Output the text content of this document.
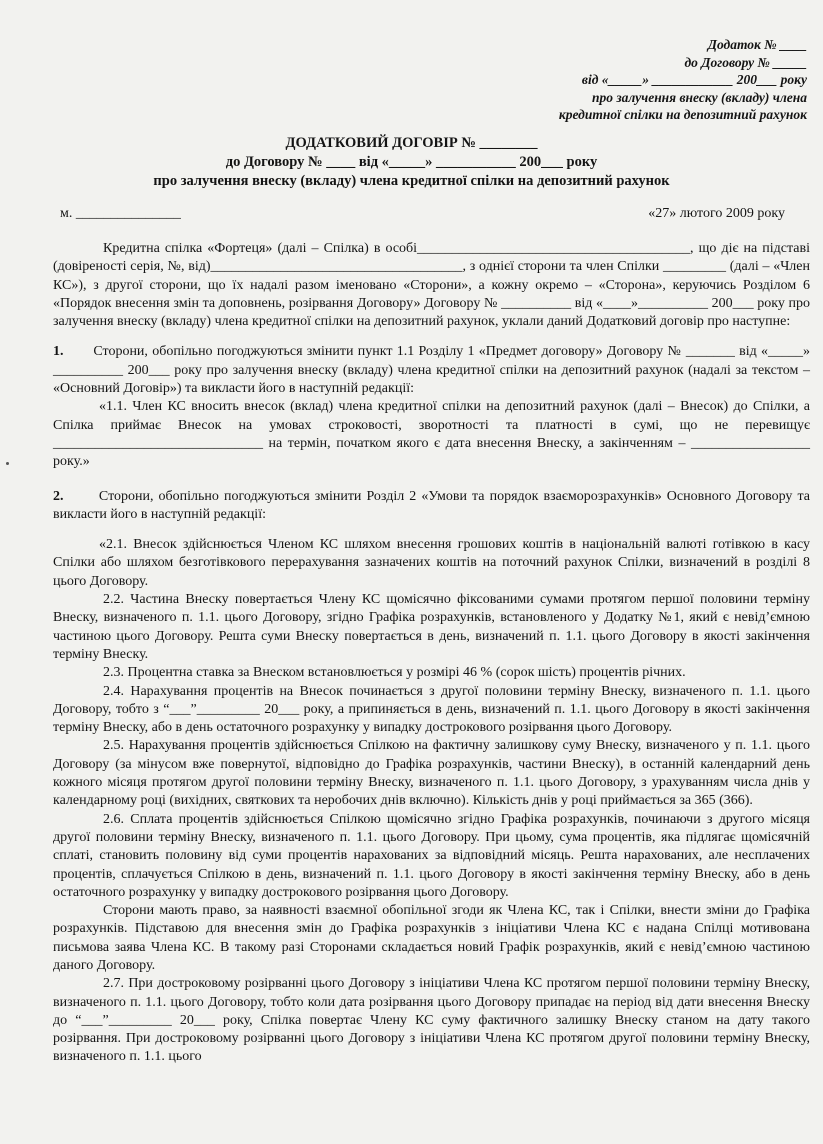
Додаток № ____
до Договору № _____
від «_____» ____________ 200___ року
про залучення внеску (вкладу) члена
кредитної спілки на депозитний рахунок
ДОДАТКОВИЙ ДОГОВІР № ________
до Договору № ____ від «_____» ___________ 200___ року
про залучення внеску (вкладу) члена кредитної спілки на депозитний рахунок
м. _______________	«27» лютого 2009 року

Кредитна спілка «Фортеця» (далі – Спілка) в особі_______________________________________, що діє на підставі (довіреності серія, №, від)____________________________________, з однієї сторони та член Спілки _________ (далі – «Член КС»), з другої сторони, що їх надалі разом іменовано «Сторони», а кожну окремо – «Сторона», керуючись Розділом 6 «Порядок внесення змін та доповнень, розірвання Договору» Договору № __________ від «____»__________ 200___ року про залучення внеску (вкладу) члена кредитної спілки на депозитний рахунок, уклали даний Додатковий договір про наступне:

1.       Сторони, обопільно погоджуються змінити пункт 1.1 Розділу 1 «Предмет договору» Договору № _______ від «_____» __________ 200___ року про залучення внеску (вкладу) члена кредитної спілки на депозитний рахунок (надалі за текстом – «Основний Договір») та викласти його в наступній редакції:

«1.1. Член КС вносить внесок (вклад) члена кредитної спілки на депозитний рахунок (далі – Внесок) до Спілки, а Спілка приймає Внесок на умовах строковості, зворотності та платності в сумі, що не перевищує ______________________________ на термін, початком якого є дата внесення Внеску, а закінченням – _________________ року.»

2.       Сторони, обопільно погоджуються змінити Розділ 2 «Умови та порядок взаєморозрахунків» Основного Договору та викласти його в наступній редакції:

«2.1. Внесок здійснюється Членом КС шляхом внесення грошових коштів в національній валюті готівкою в касу Спілки або шляхом безготівкового перерахування зазначених коштів на поточний рахунок Спілки, визначений в розділі 8 цього Договору.

2.2. Частина Внеску повертається Члену КС щомісячно фіксованими сумами протягом першої половини терміну Внеску, визначеного п. 1.1. цього Договору, згідно Графіка розрахунків, встановленого у Додатку №1, який є невід’ємною частиною цього Договору. Решта суми Внеску повертається в день, визначений п. 1.1. цього Договору в якості закінчення терміну Внеску.

2.3. Процентна ставка за Внеском встановлюється у розмірі 46 % (сорок шість) процентів річних.

2.4. Нарахування процентів на Внесок починається з другої половини терміну Внеску, визначеного п. 1.1. цього Договору, тобто з “___”_________ 20___ року, а припиняється в день, визначений п. 1.1. цього Договору в якості закінчення терміну Внеску, або в день остаточного розрахунку у випадку дострокового розірвання цього Договору.

2.5. Нарахування процентів здійснюється Спілкою на фактичну залишкову суму Внеску, визначеного у п. 1.1. цього Договору (за мінусом вже повернутої, відповідно до Графіка розрахунків, частини Внеску), в останній календарний день кожного місяця протягом другої половини терміну Внеску, визначеного п. 1.1. цього Договору, з урахуванням числа днів у календарному році (вихідних, святкових та неробочих днів включно). Кількість днів у році приймається за 365 (366).

2.6. Сплата процентів здійснюється Спілкою щомісячно згідно Графіка розрахунків, починаючи з другого місяця другої половини терміну Внеску, визначеного п. 1.1. цього Договору. При цьому, сума процентів, яка підлягає щомісячній сплаті, становить половину від суми процентів нарахованих за відповідний місяць. Решта нарахованих, але несплачених процентів, сплачується Спілкою в день, визначений п. 1.1. цього Договору в якості закінчення терміну Внеску, або в день остаточного розрахунку у випадку дострокового розірвання цього Договору.

Сторони мають право, за наявності взаємної обопільної згоди як Члена КС, так і Спілки, внести зміни до Графіка розрахунків. Підставою для внесення змін до Графіка розрахунків з ініціативи Члена КС є надана Спілці мотивована письмова заява Члена КС. В такому разі Сторонами складається новий Графік розрахунків, який є невід’ємною частиною даного Договору.

2.7. При достроковому розірванні цього Договору з ініціативи Члена КС протягом першої половини терміну Внеску, визначеного п. 1.1. цього Договору, тобто коли дата розірвання цього Договору припадає на період від дати внесення Внеску до “___”_________ 20___ року, Спілка повертає Члену КС суму фактичного залишку Внеску станом на дату такого розірвання. При достроковому розірванні цього Договору з ініціативи Члена КС протягом другої половини терміну Внеску, визначеного п. 1.1. цього
